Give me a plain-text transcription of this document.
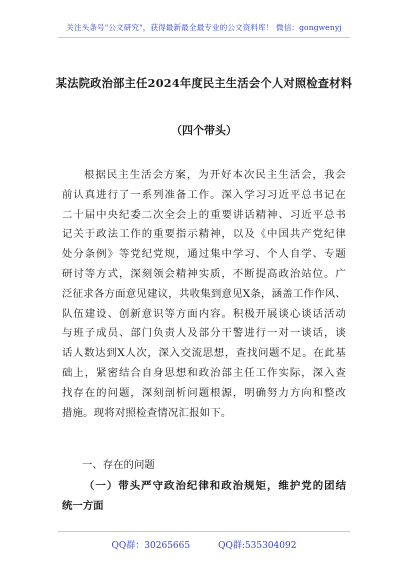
关注头条号"公文研究"，获得最新最全最专业的公文资料库！ 微信：gongwenyj
某法院政治部主任2024年度民主生活会个人对照检查材料
（四个带头）
根据民主生活会方案，为开好本次民主生活会，我会
前认真进行了一系列准备工作。深入学习习近平总书记在
二十届中央纪委二次全会上的重要讲话精神、习近平总书
记关于政法工作的重要指示精神，以及《中国共产党纪律
处分条例》等党纪党规，通过集中学习、个人自学、专题
研讨等方式，深刻领会精神实质，不断提高政治站位。广
泛征求各方面意见建议，共收集到意见X条，涵盖工作作风、
队伍建设、创新意识等方面内容。积极开展谈心谈话活动
与班子成员、部门负责人及部分干警进行一对一谈话，谈
话人数达到X人次，深入交流思想，查找问题不足。在此基
础上，紧密结合自身思想和政治部主任工作实际，深入查
找存在的问题，深刻剖析问题根源，明确努力方向和整改
措施。现将对照检查情况汇报如下。
一、存在的问题
（一）带头严守政治纪律和政治规矩，维护党的团结
统一方面
QQ群：30265665	QQ群:535304092
